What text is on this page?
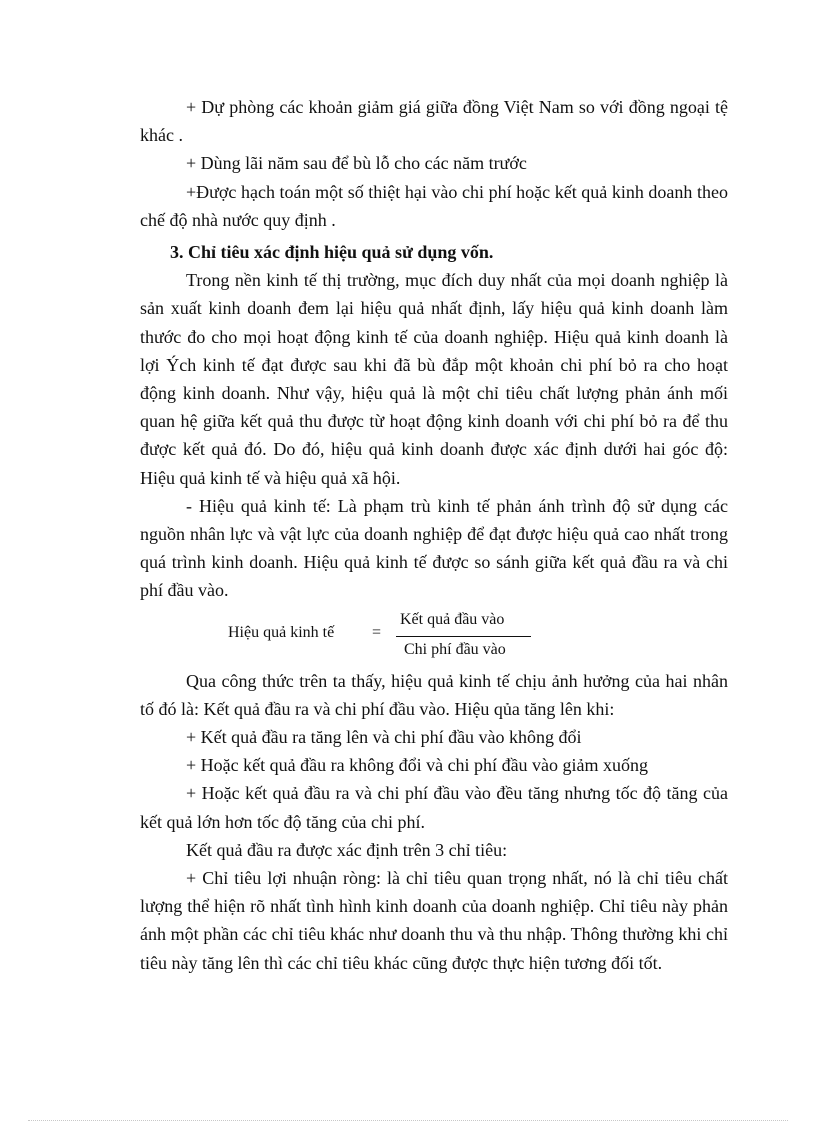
+ Dự phòng các khoản giảm giá giữa đồng Việt Nam so với đồng ngoại tệ khác .

+ Dùng lãi năm sau để bù lỗ cho các năm trước

+Được hạch toán một số thiệt hại vào chi phí hoặc kết quả kinh doanh theo chế độ nhà nước quy định .

3. Chỉ tiêu xác định hiệu quả sử dụng vốn.

Trong nền kinh tế thị trường, mục đích duy nhất của mọi doanh nghiệp là sản xuất kinh doanh đem lại hiệu quả nhất định, lấy hiệu quả kinh doanh làm thước đo cho mọi hoạt động kinh tế của doanh nghiệp. Hiệu quả kinh doanh là lợi Ých kinh tế đạt được sau khi đã bù đắp một khoản chi phí bỏ ra cho hoạt động kinh doanh. Như vậy, hiệu quả là một chỉ tiêu chất lượng phản ánh mối quan hệ giữa kết quả thu được từ hoạt động kinh doanh với chi phí bỏ ra để thu được kết quả đó. Do đó, hiệu quả kinh doanh được xác định dưới hai góc độ: Hiệu quả kinh tế và hiệu quả xã hội.

- Hiệu quả kinh tế: Là phạm trù kinh tế phản ánh trình độ sử dụng các nguồn nhân lực và vật lực của doanh nghiệp để đạt được hiệu quả cao nhất trong quá trình kinh doanh. Hiệu quả kinh tế được so sánh giữa kết quả đầu ra và chi phí đầu vào.

Hiệu quả kinh tế =
Kết quả đầu vào
Chi phí đầu vào

Qua công thức trên ta thấy, hiệu quả kinh tế chịu ảnh hưởng của hai nhân tố đó là: Kết quả đầu ra và chi phí đầu vào. Hiệu qủa tăng lên khi:

+ Kết quả đầu ra tăng lên và chi phí đầu vào không đổi

+ Hoặc kết quả đầu ra không đổi và chi phí đầu vào giảm xuống

+ Hoặc kết quả đầu ra và chi phí đầu vào đều tăng nhưng tốc độ tăng của kết quả lớn hơn tốc độ tăng của chi phí.

Kết quả đầu ra được xác định trên 3 chỉ tiêu:

+ Chỉ tiêu lợi nhuận ròng: là chỉ tiêu quan trọng nhất, nó là chỉ tiêu chất lượng thể hiện rõ nhất tình hình kinh doanh của doanh nghiệp. Chỉ tiêu này phản ánh một phần các chỉ tiêu khác như doanh thu và thu nhập. Thông thường khi chỉ tiêu này tăng lên thì các chỉ tiêu khác cũng được thực hiện tương đối tốt.
